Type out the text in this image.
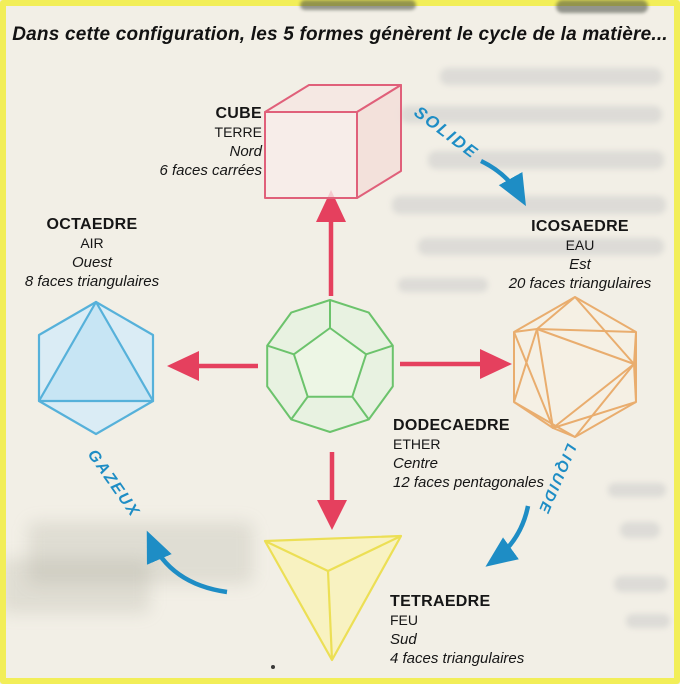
Dans cette configuration, les 5 formes génèrent le cycle de la matière...
CUBE
TERRE
Nord
6 faces carrées
ICOSAEDRE
EAU
Est
20 faces triangulaires
OCTAEDRE
AIR
Ouest
8 faces triangulaires
DODECAEDRE
ETHER
Centre
12 faces pentagonales
TETRAEDRE
FEU
Sud
4 faces triangulaires
SOLIDE
LIQUIDE
GAZEUX
